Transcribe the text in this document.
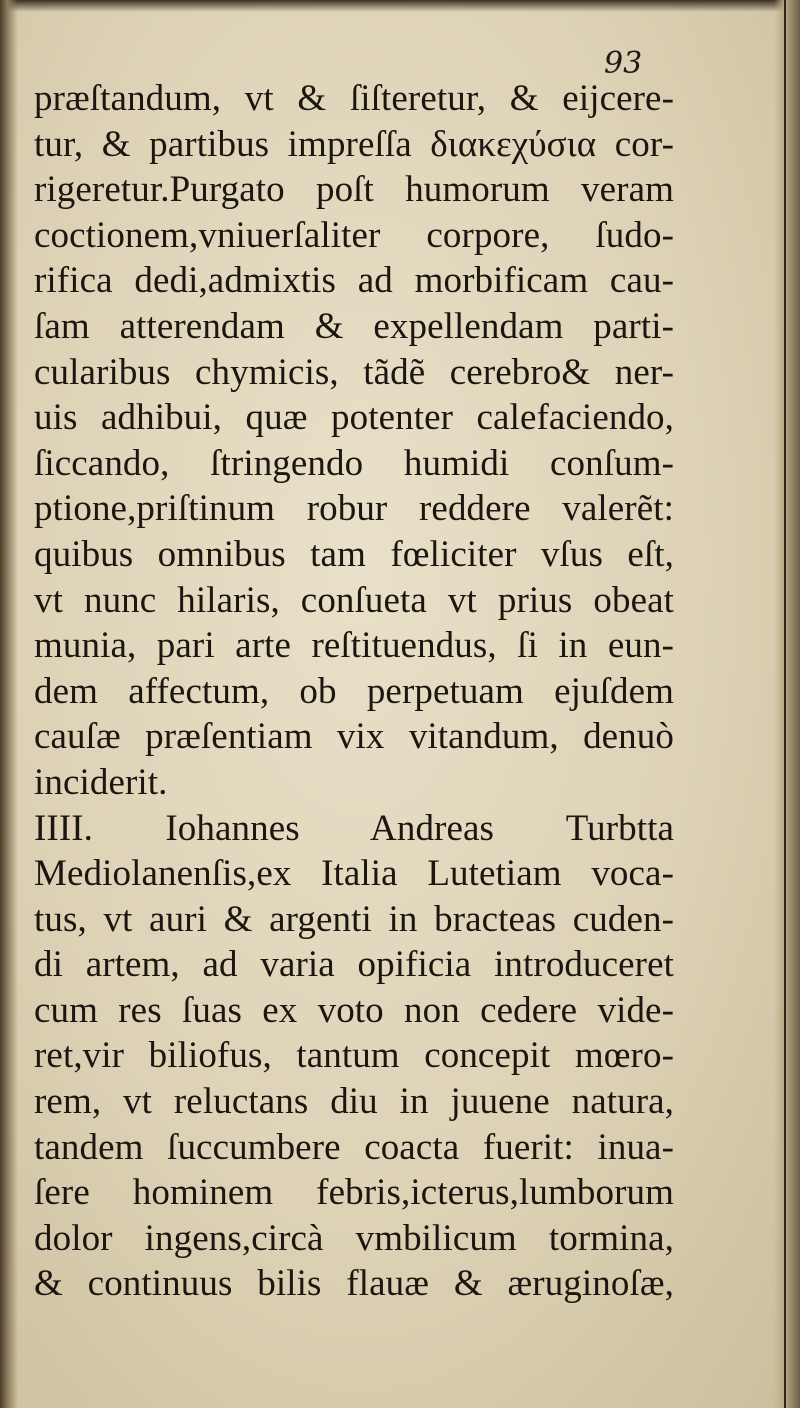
93
præſtandum, vt & ſiſteretur, & eijcere-
tur, & partibus impreſſa διακεχύσια cor-
rigeretur.Purgato poſt humorum veram
coctionem,vniuerſaliter corpore, ſudo-
rifica dedi,admixtis ad morbificam cau-
ſam atterendam & expellendam parti-
cularibus chymicis, tãdẽ cerebro& ner-
uis adhibui, quæ potenter calefaciendo,
ſiccando, ſtringendo humidi conſum-
ptione,priſtinum robur reddere valerẽt:
quibus omnibus tam fœliciter vſus eſt,
vt nunc hilaris, conſueta vt prius obeat
munia, pari arte reſtituendus, ſi in eun-
dem affectum, ob perpetuam ejuſdem
cauſæ præſentiam vix vitandum, denuò
inciderit.
IIII. Iohannes Andreas Turbtta
Mediolanenſis,ex Italia Lutetiam voca-
tus, vt auri & argenti in bracteas cuden-
di artem, ad varia opificia introduceret
cum res ſuas ex voto non cedere vide-
ret,vir biliofus, tantum concepit mœro-
rem, vt reluctans diu in juuene natura,
tandem ſuccumbere coacta fuerit: inua-
ſere hominem febris,icterus,lumborum
dolor ingens,circà vmbilicum tormina,
& continuus bilis flauæ & æruginoſæ,
